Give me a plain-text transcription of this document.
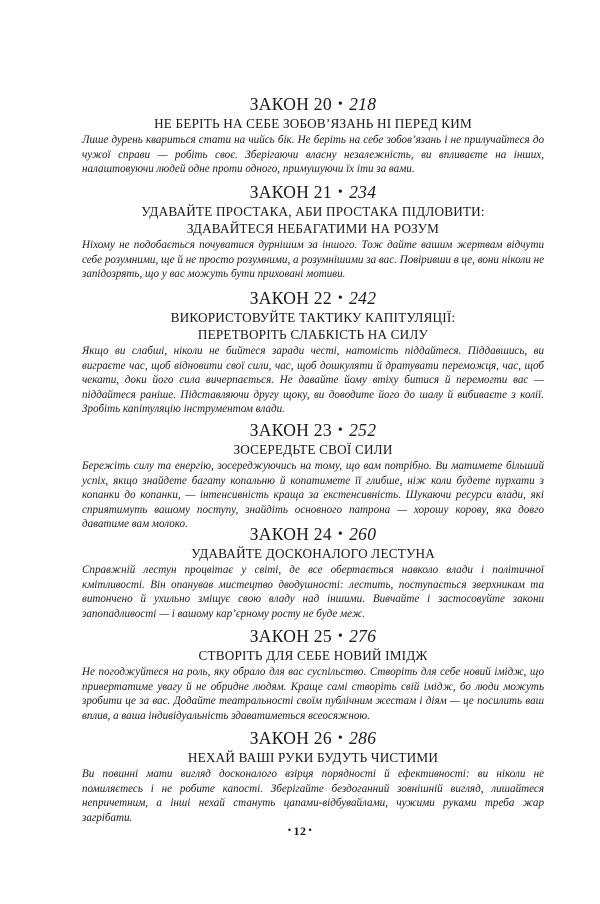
ЗАКОН 20 • 218
НЕ БЕРІТЬ НА СЕБЕ ЗОБОВ’ЯЗАНЬ НІ ПЕРЕД КИМ

Лише дурень кваpиться стати на чийсь бік. Не беріть на себе зобов’язань і не прилучайтеся до чужої справи — робіть своє. Зберігаючи власну незалежність, ви впливаєте на інших, налаштовуючи людей одне проти одного, примушуючи їх іти за вами.

ЗАКОН 21 • 234
УДАВАЙТЕ ПРОСТАКА, АБИ ПРОСТАКА ПІДЛОВИТИ:
ЗДАВАЙТЕСЯ НЕБАГАТИМИ НА РОЗУМ

Ніхому не подобається почуватися дурнішим за іншого. Тож дайте вашим жертвам відчути себе розумними, ще й не просто розумними, а розумнішими за вас. Повіривши в це, вони ніколи не запідозрять, що у вас можуть бути приховані мотиви.

ЗАКОН 22 • 242
ВИКОРИСТОВУЙТЕ ТАКТИКУ КАПІТУЛЯЦІЇ:
ПЕРЕТВОРІТЬ СЛАБКІСТЬ НА СИЛУ

Якщо ви слабші, ніколи не бийтеся заради честі, натомість піддайтеся. Піддавшись, ви виграєте час, щоб відновити свої сили, час, щоб дошкуляти й дратувати переможця, час, щоб чекати, доки його сила вичерпається. Не давайте йому втіху битися й перемогти вас — піддайтеся раніше. Підставляючи другу щоку, ви доводите його до шалу й вибиваєте з колії. Зробіть капітуляцію інструментом влади.

ЗАКОН 23 • 252
ЗОСЕРЕДЬТЕ СВОЇ СИЛИ

Бережіть силу та енергію, зосереджуючись на тому, що вам потрібно. Ви матимете більший успіх, якщо знайдете багату копальню й копатимете її глибше, ніж коли будете пурхати з копанки до копанки, — інтенсивність краща за екстенсивність. Шукаючи ресурси влади, які сприятимуть вашому поступу, знайдіть основного патрона — хорошу корову, яка довго даватиме вам молоко.	ЗАКОН 24 • 260
УДАВАЙТЕ ДОСКОНАЛОГО ЛЕСТУНА

Справжній лестун процвітає у світі, де все обертається навколо влади і політичної кмітливості. Він опанував мистецтво дводушності: лестить, поступається зверхникам та витончено й ухильно зміщує свою владу над іншими. Вивчайте і застосовуйте закони запопадливості — і вашому кар’єрному росту не буде меж.

ЗАКОН 25 • 276
СТВОРІТЬ ДЛЯ СЕБЕ НОВИЙ ІМІДЖ

Не погоджуйтеся на роль, яку обрало для вас суспільство. Створіть для себе новий імідж, що привертатиме увагу й не обридне людям. Краще самі створіть свій імідж, бо люди можуть зробити це за вас. Додайте театральності своїм публічним жестам і діям — це посилить ваш вплив, а ваша індивідуальність здаватиметься всеосяжною.

ЗАКОН 26 • 286
НЕХАЙ ВАШІ РУКИ БУДУТЬ ЧИСТИМИ

Ви повинні мати вигляд досконалого взірця порядності й ефективності: ви ніколи не помиляєтесь і не робите капості. Зберігайте бездоганний зовнішній вигляд, лишайтеся непричетним, а інші нехай стануть цапами-відбувайлами, чужими руками треба жар загрібати.

• 12 •
